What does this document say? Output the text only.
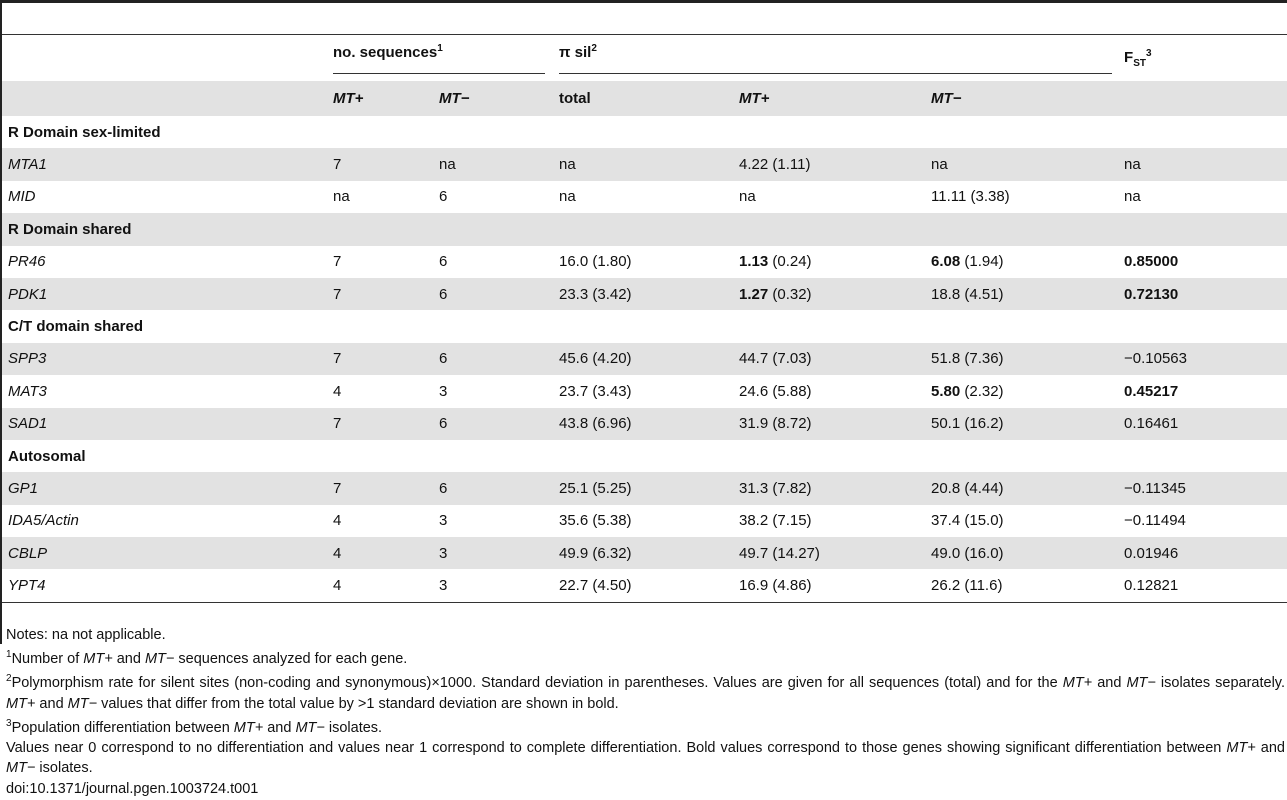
	no. sequences$^1$		π sil$^2$			$F_{ST}^3$
	MT+	MT−	total	MT+	MT−	
R Domain sex-limited						
MTA1	7	na	na	4.22 (1.11)	na	na
MID	na	6	na	na	11.11 (3.38)	na
R Domain shared						
PR46	7	6	16.0 (1.80)	1.13 (0.24)	6.08 (1.94)	0.85000
PDK1	7	6	23.3 (3.42)	1.27 (0.32)	18.8 (4.51)	0.72130
C/T domain shared						
SPP3	7	6	45.6 (4.20)	44.7 (7.03)	51.8 (7.36)	−0.10563
MAT3	4	3	23.7 (3.43)	24.6 (5.88)	5.80 (2.32)	0.45217
SAD1	7	6	43.8 (6.96)	31.9 (8.72)	50.1 (16.2)	0.16461
Autosomal						
GP1	7	6	25.1 (5.25)	31.3 (7.82)	20.8 (4.44)	−0.11345
IDA5/Actin	4	3	35.6 (5.38)	38.2 (7.15)	37.4 (15.0)	−0.11494
CBLP	4	3	49.9 (6.32)	49.7 (14.27)	49.0 (16.0)	0.01946
YPT4	4	3	22.7 (4.50)	16.9 (4.86)	26.2 (11.6)	0.12821
Notes: na not applicable.
$^1$Number of MT+ and MT− sequences analyzed for each gene.
$^2$Polymorphism rate for silent sites (non-coding and synonymous)×1000. Standard deviation in parentheses. Values are given for all sequences (total) and for the MT+ and MT− isolates separately. MT+ and MT− values that differ from the total value by >1 standard deviation are shown in bold.
$^3$Population differentiation between MT+ and MT− isolates.
Values near 0 correspond to no differentiation and values near 1 correspond to complete differentiation. Bold values correspond to those genes showing significant differentiation between MT+ and MT− isolates.
doi:10.1371/journal.pgen.1003724.t001
